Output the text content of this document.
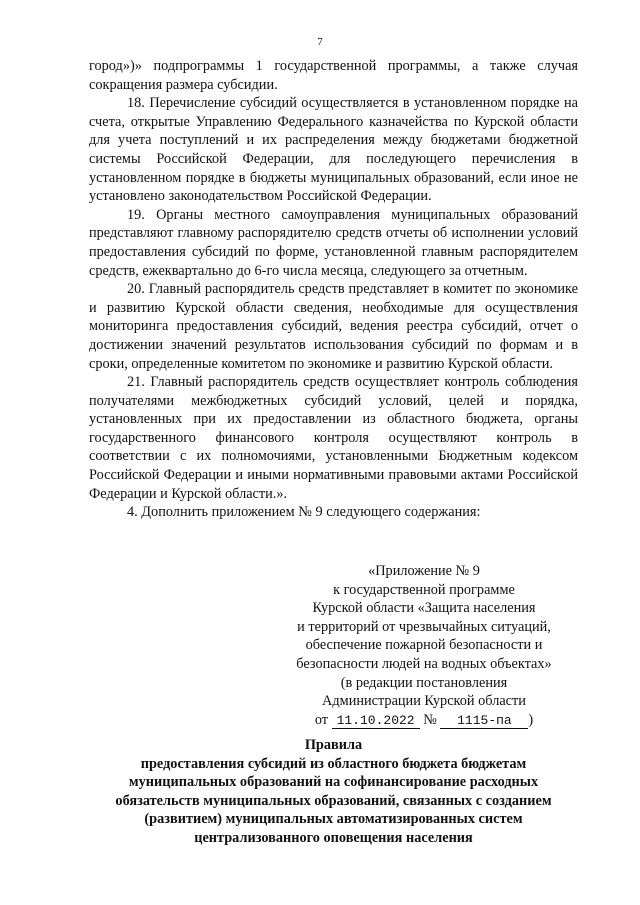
7

город»)» подпрограммы 1 государственной программы, а также случая сокращения размера субсидии.

18. Перечисление субсидий осуществляется в установленном порядке на счета, открытые Управлению Федерального казначейства по Курской области для учета поступлений и их распределения между бюджетами бюджетной системы Российской Федерации, для последующего перечисления в установленном порядке в бюджеты муниципальных образований, если иное не установлено законодательством Российской Федерации.

19. Органы местного самоуправления муниципальных образований представляют главному распорядителю средств отчеты об исполнении условий предоставления субсидий по форме, установленной главным распорядителем средств, ежеквартально до 6-го числа месяца, следующего за отчетным.

20. Главный распорядитель средств представляет в комитет по экономике и развитию Курской области сведения, необходимые для осуществления мониторинга предоставления субсидий, ведения реестра субсидий, отчет о достижении значений результатов использования субсидий по формам и в сроки, определенные комитетом по экономике и развитию Курской области.

21. Главный распорядитель средств осуществляет контроль соблюдения получателями межбюджетных субсидий условий, целей и порядка, установленных при их предоставлении из областного бюджета, органы государственного финансового контроля осуществляют контроль в соответствии с их полномочиями, установленными Бюджетным кодексом Российской Федерации и иными нормативными правовыми актами Российской Федерации и Курской области.».

4. Дополнить приложением № 9 следующего содержания:

«Приложение № 9
к государственной программе
Курской области «Защита населения
и территорий от чрезвычайных ситуаций,
обеспечение пожарной безопасности и
безопасности людей на водных объектах»
(в редакции постановления
Администрации Курской области
от 11.10.2022 № 1115-па )
Правила
предоставления субсидий из областного бюджета бюджетам
муниципальных образований на софинансирование расходных
обязательств муниципальных образований, связанных с созданием
(развитием) муниципальных автоматизированных систем
централизованного оповещения населения
